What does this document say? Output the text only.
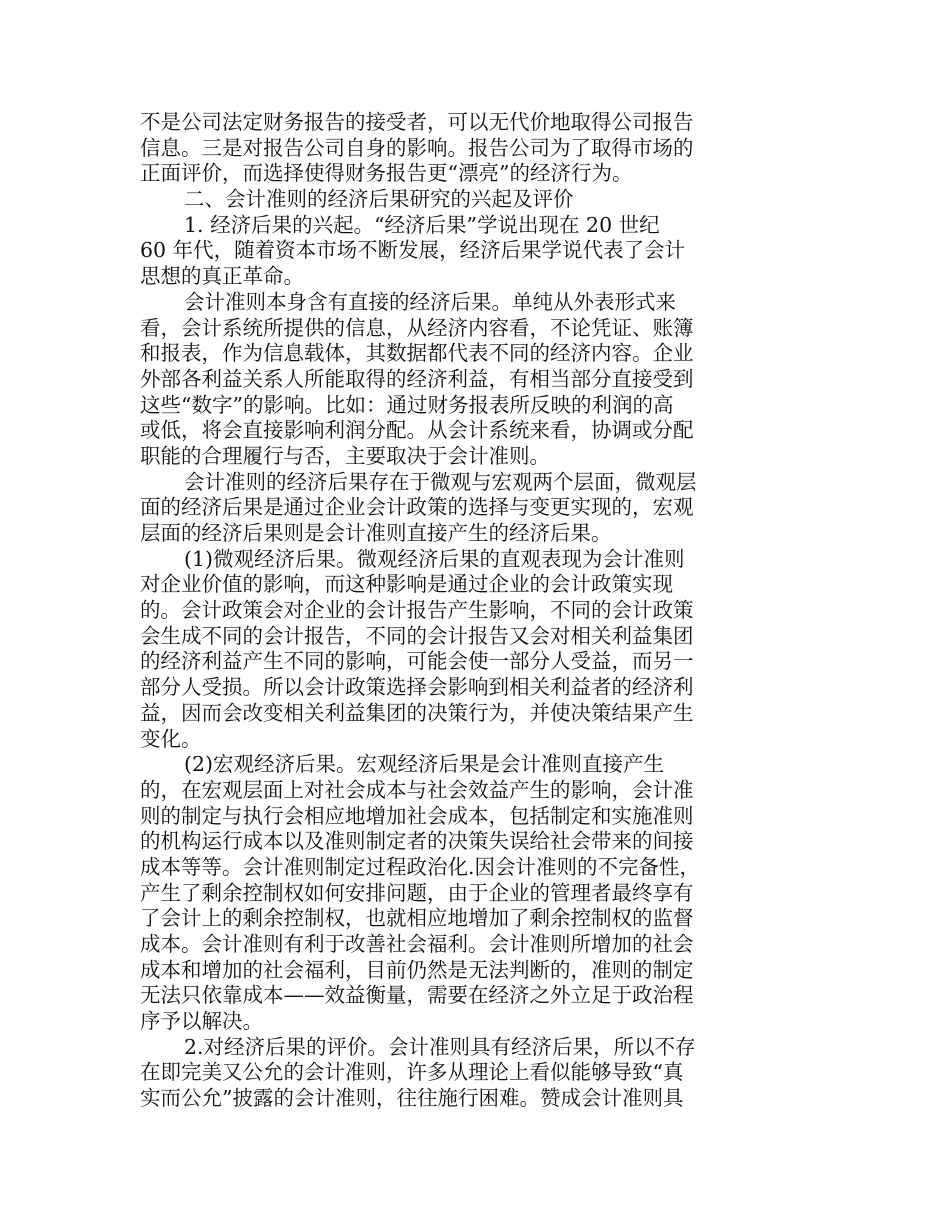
不是公司法定财务报告的接受者，可以无代价地取得公司报告
信息。三是对报告公司自身的影响。报告公司为了取得市场的
正面评价，而选择使得财务报告更“漂亮”的经济行为。
二、会计准则的经济后果研究的兴起及评价
1. 经济后果的兴起。“经济后果”学说出现在 20 世纪
60 年代，随着资本市场不断发展，经济后果学说代表了会计
思想的真正革命。
会计准则本身含有直接的经济后果。单纯从外表形式来
看，会计系统所提供的信息，从经济内容看，不论凭证、账簿
和报表，作为信息载体，其数据都代表不同的经济内容。企业
外部各利益关系人所能取得的经济利益，有相当部分直接受到
这些“数字”的影响。比如：通过财务报表所反映的利润的高
或低，将会直接影响利润分配。从会计系统来看，协调或分配
职能的合理履行与否，主要取决于会计准则。
会计准则的经济后果存在于微观与宏观两个层面，微观层
面的经济后果是通过企业会计政策的选择与变更实现的，宏观
层面的经济后果则是会计准则直接产生的经济后果。
(1)微观经济后果。微观经济后果的直观表现为会计准则
对企业价值的影响，而这种影响是通过企业的会计政策实现
的。会计政策会对企业的会计报告产生影响，不同的会计政策
会生成不同的会计报告，不同的会计报告又会对相关利益集团
的经济利益产生不同的影响，可能会使一部分人受益，而另一
部分人受损。所以会计政策选择会影响到相关利益者的经济利
益，因而会改变相关利益集团的决策行为，并使决策结果产生
变化。
(2)宏观经济后果。宏观经济后果是会计准则直接产生
的，在宏观层面上对社会成本与社会效益产生的影响，会计准
则的制定与执行会相应地增加社会成本，包括制定和实施准则
的机构运行成本以及准则制定者的决策失误给社会带来的间接
成本等等。会计准则制定过程政治化.因会计准则的不完备性，
产生了剩余控制权如何安排问题，由于企业的管理者最终享有
了会计上的剩余控制权，也就相应地增加了剩余控制权的监督
成本。会计准则有利于改善社会福利。会计准则所增加的社会
成本和增加的社会福利，目前仍然是无法判断的，准则的制定
无法只依靠成本——效益衡量，需要在经济之外立足于政治程
序予以解决。
2.对经济后果的评价。会计准则具有经济后果，所以不存
在即完美又公允的会计准则，许多从理论上看似能够导致“真
实而公允”披露的会计准则，往往施行困难。赞成会计准则具
